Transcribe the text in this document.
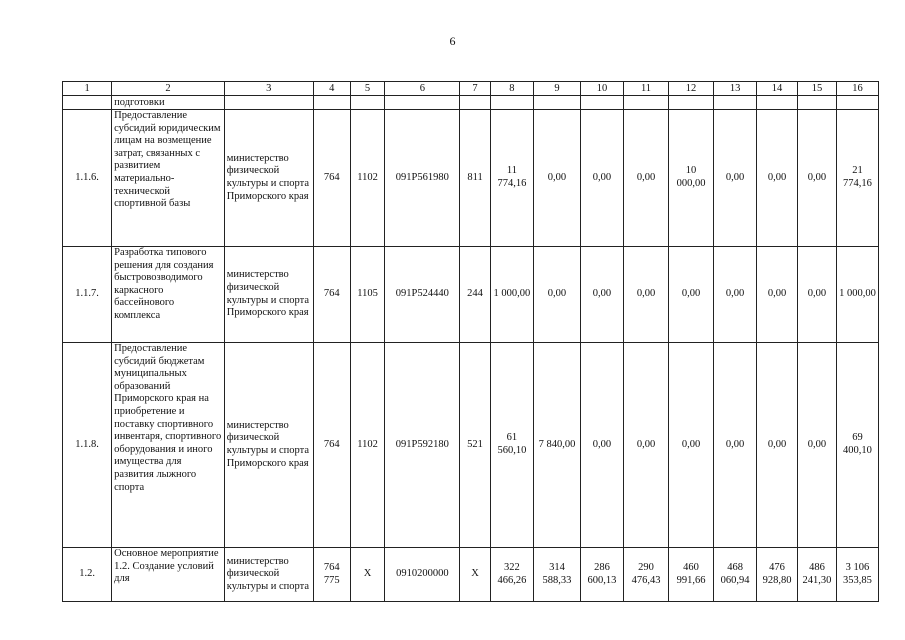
6
1	2	3	4	5	6	7	8	9	10	11	12	13	14	15	16
	подготовки														
1.1.6.	Предоставление субсидий юридическим лицам на возмещение затрат, связанных с развитием материально-технической спортивной базы	министерство физической культуры и спорта Приморского края	764	1102	091P561980	811	11 774,16	0,00	0,00	0,00	10 000,00	0,00	0,00	0,00	21 774,16
1.1.7.	Разработка типового решения для создания быстровозводимого каркасного бассейнового комплекса	министерство физической культуры и спорта Приморского края	764	1105	091P524440	244	1 000,00	0,00	0,00	0,00	0,00	0,00	0,00	0,00	1 000,00
1.1.8.	Предоставление субсидий бюджетам муниципальных образований Приморского края на приобретение и поставку спортивного инвентаря, спортивного оборудования и иного имущества для развития лыжного спорта	министерство физической культуры и спорта Приморского края	764	1102	091P592180	521	61 560,10	7 840,00	0,00	0,00	0,00	0,00	0,00	0,00	69 400,10
1.2.	Основное мероприятие 1.2. Создание условий для	министерство физической культуры и спорта	764 775	X	0910200000	X	322 466,26	314 588,33	286 600,13	290 476,43	460 991,66	468 060,94	476 928,80	486 241,30	3 106 353,85
